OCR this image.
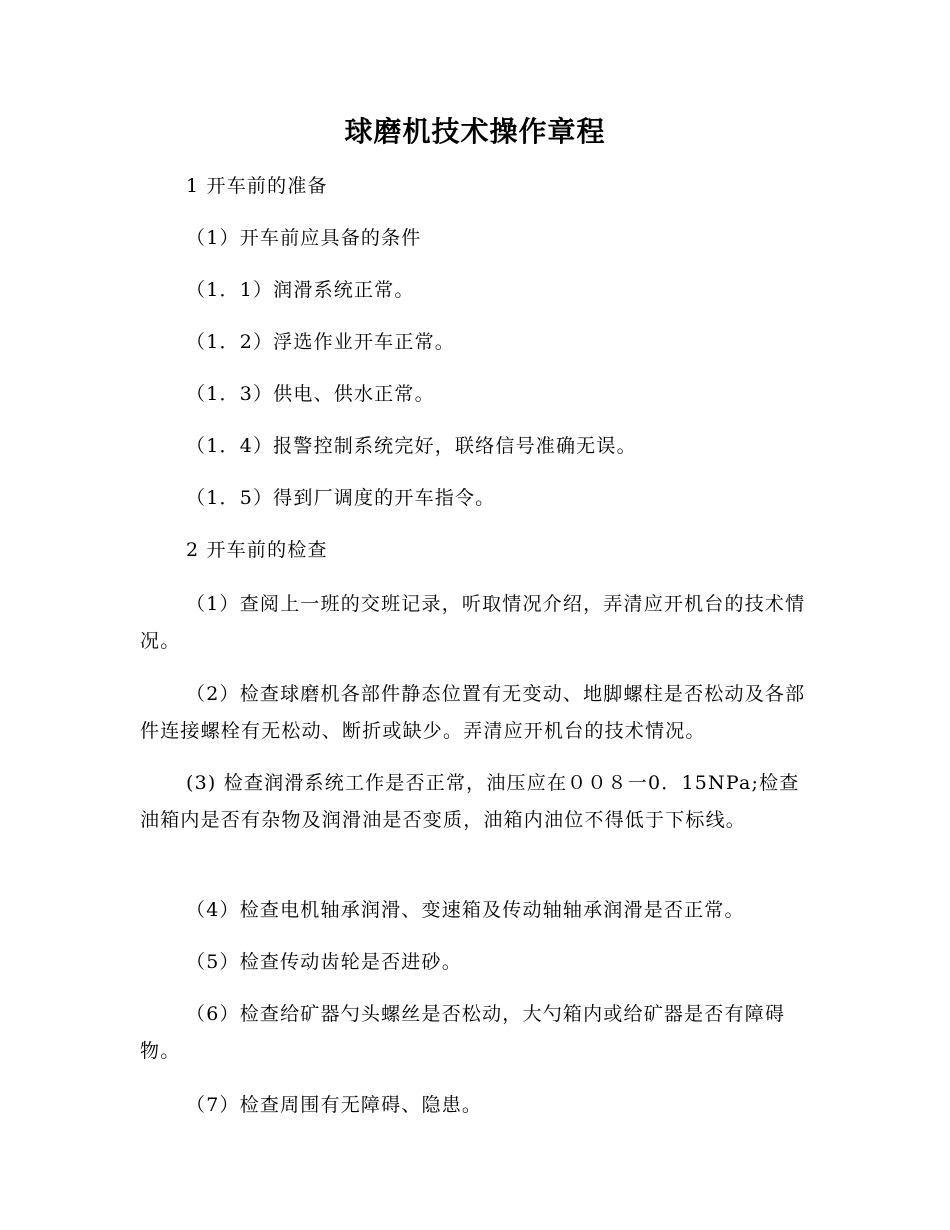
球磨机技术操作章程

1 开车前的准备

（1）开车前应具备的条件

（1．1）润滑系统正常。

（1．2）浮选作业开车正常。

（1．3）供电、供水正常。

（1．4）报警控制系统完好，联络信号准确无误。

（1．5）得到厂调度的开车指令。

2 开车前的检查

（1）查阅上一班的交班记录，听取情况介绍，弄清应开机台的技术情况。

（2）检查球磨机各部件静态位置有无变动、地脚螺柱是否松动及各部件连接螺栓有无松动、断折或缺少。弄清应开机台的技术情况。

(3) 检查润滑系统工作是否正常，油压应在００８一0．15NPa;检查油箱内是否有杂物及润滑油是否变质，油箱内油位不得低于下标线。

（4）检查电机轴承润滑、变速箱及传动轴轴承润滑是否正常。

（5）检查传动齿轮是否进砂。

（6）检查给矿器勺头螺丝是否松动，大勺箱内或给矿器是否有障碍物。

（7）检查周围有无障碍、隐患。
